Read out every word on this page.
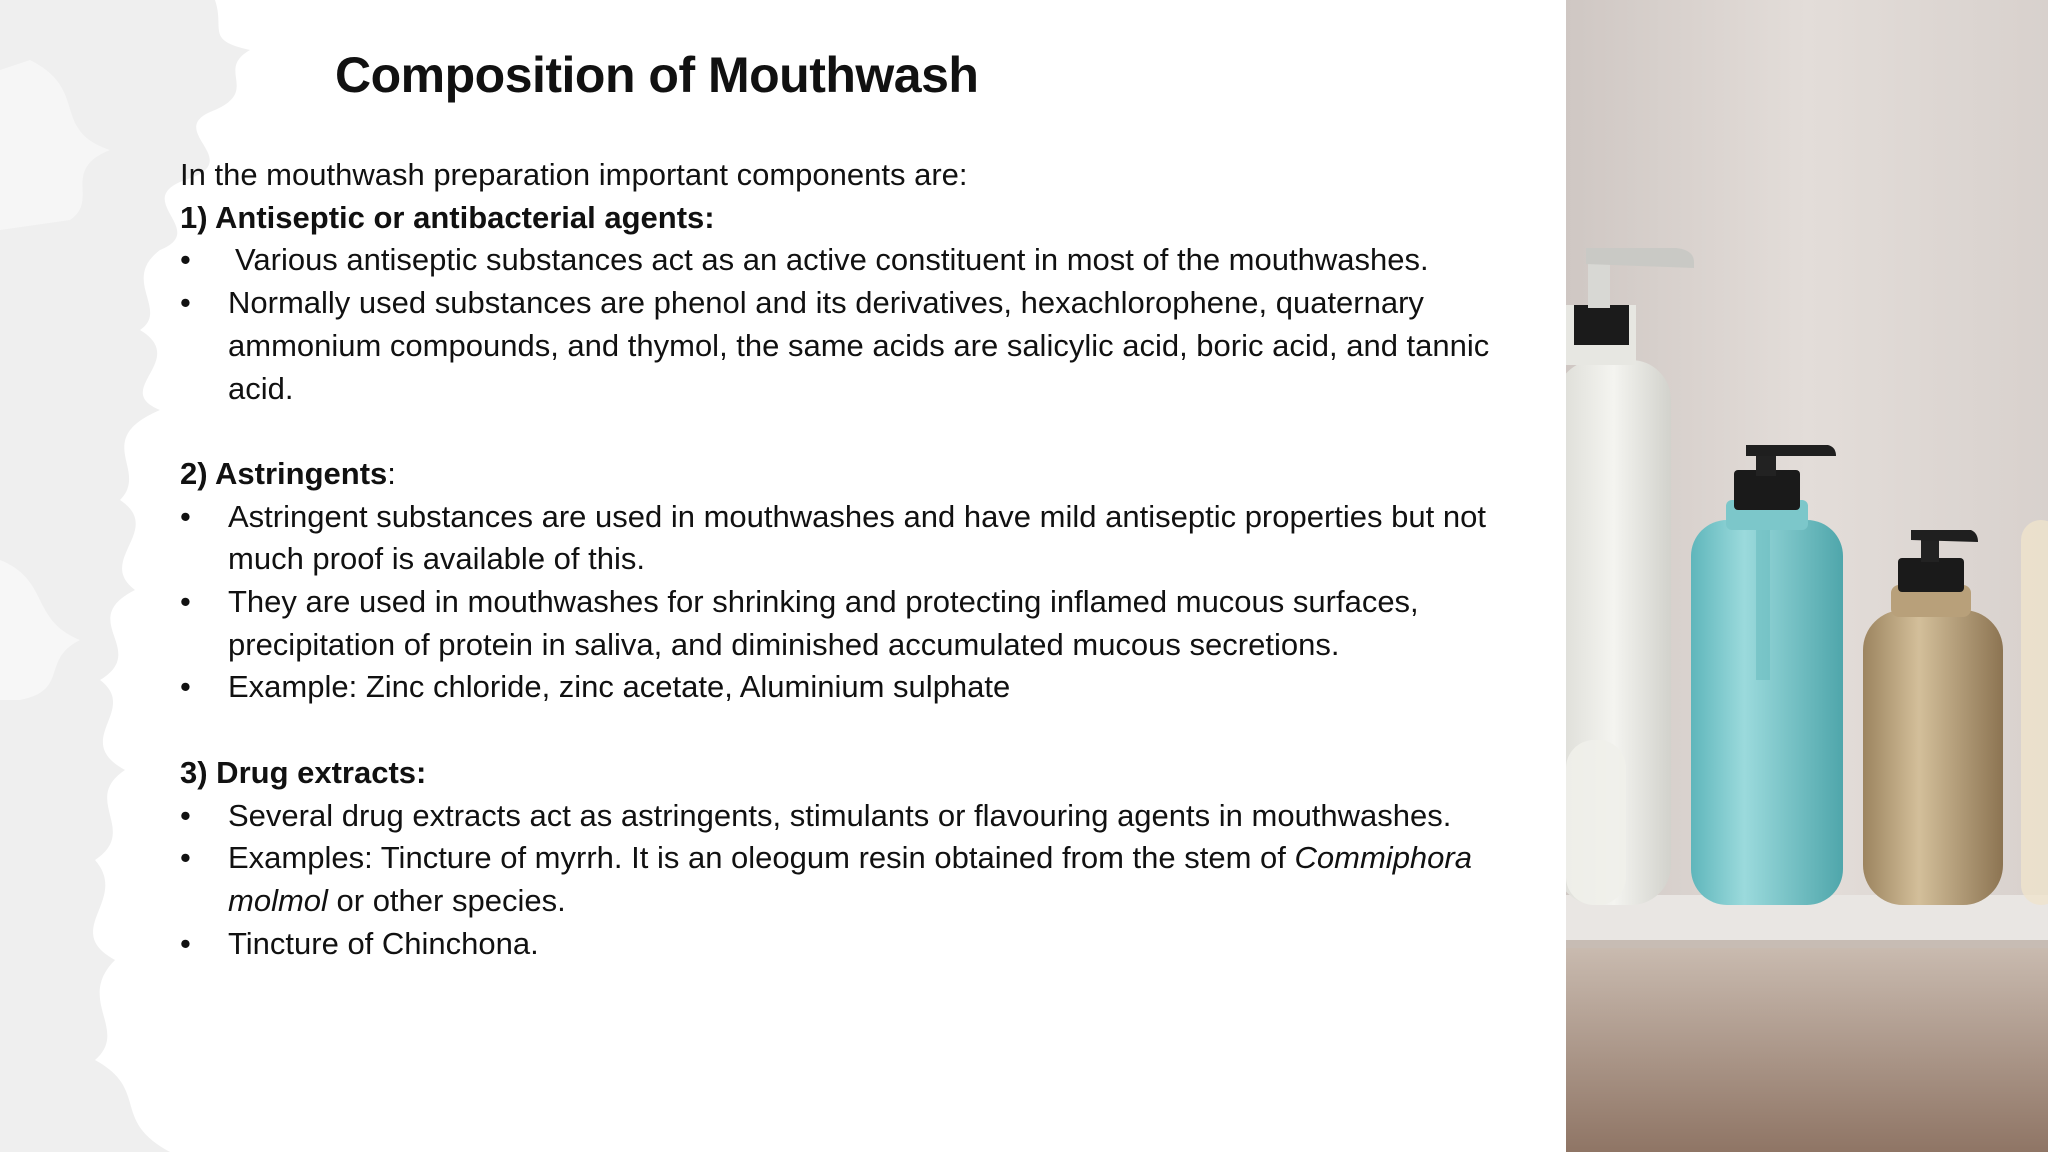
Composition of Mouthwash

In the mouthwash preparation important components are:

1) Antiseptic or antibacterial agents:

• Various antiseptic substances act as an active constituent in most of the mouthwashes.
• Normally used substances are phenol and its derivatives, hexachlorophene, quaternary ammonium compounds, and thymol, the same acids are salicylic acid, boric acid, and tannic acid.

2) Astringents:

• Astringent substances are used in mouthwashes and have mild antiseptic properties but not much proof is available of this.
• They are used in mouthwashes for shrinking and protecting inflamed mucous surfaces, precipitation of protein in saliva, and diminished accumulated mucous secretions.
• Example: Zinc chloride, zinc acetate, Aluminium sulphate

3) Drug extracts:

• Several drug extracts act as astringents, stimulants or flavouring agents in mouthwashes.
• Examples: Tincture of myrrh. It is an oleogum resin obtained from the stem of Commiphora molmol or other species.
• Tincture of Chinchona.
